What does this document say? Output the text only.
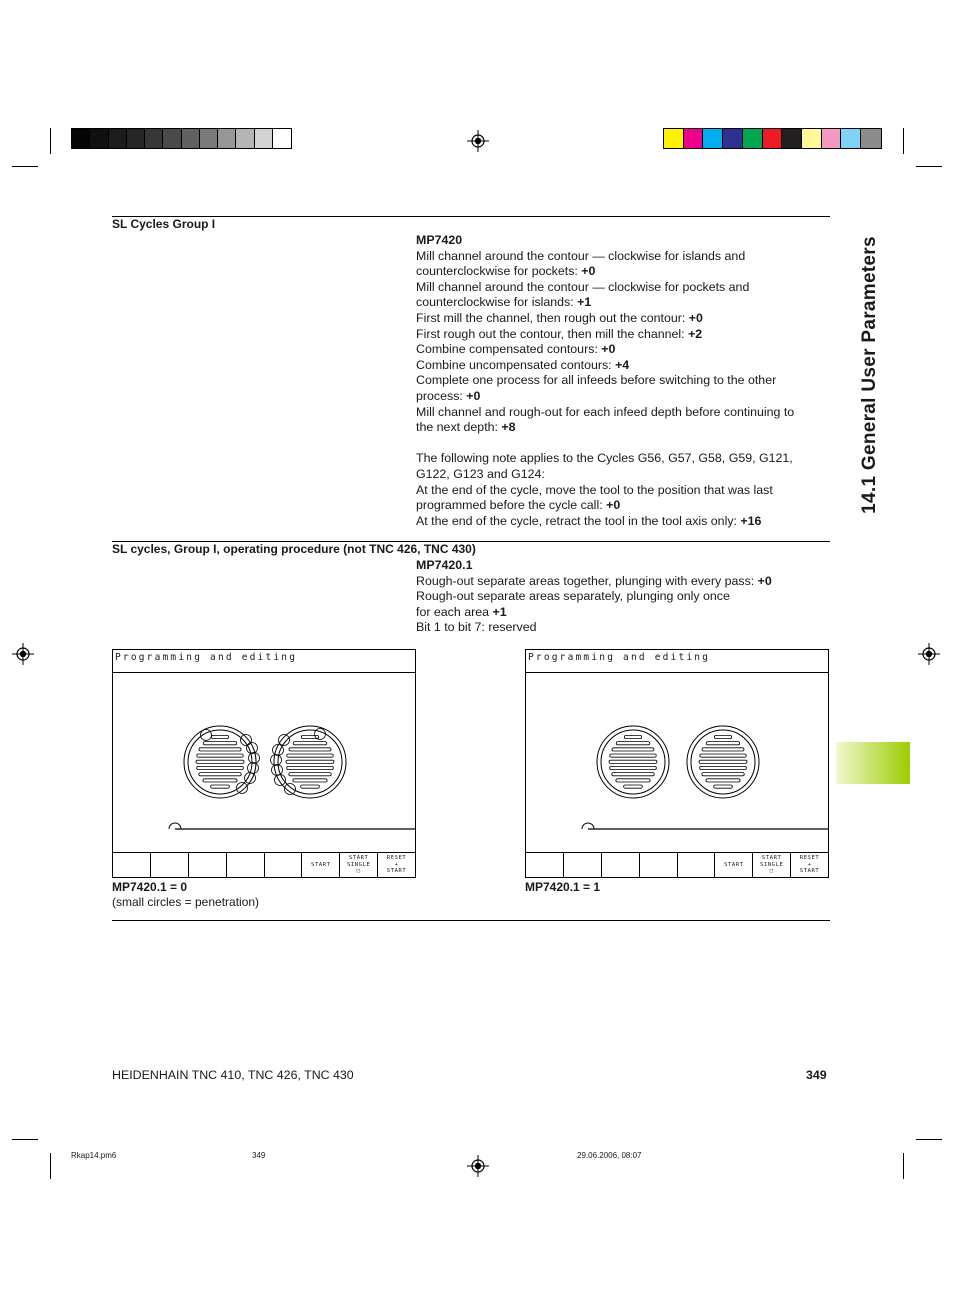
14.1 General User Parameters
SL Cycles Group I

MP7420

Mill channel around the contour — clockwise for islands and

counterclockwise for pockets: +0

Mill channel around the contour — clockwise for pockets and

counterclockwise for islands: +1

First mill the channel, then rough out the contour: +0

First rough out the contour, then mill the channel: +2

Combine compensated contours: +0

Combine uncompensated contours: +4

Complete one process for all infeeds before switching to the other

process: +0

Mill channel and rough-out for each infeed depth before continuing to

the next depth: +8

The following note applies to the Cycles G56, G57, G58, G59, G121,

G122, G123 and G124:

At the end of the cycle, move the tool to the position that was last

programmed before the cycle call: +0

At the end of the cycle, retract the tool in the tool axis only: +16

SL cycles, Group I, operating procedure (not TNC 426, TNC 430)

MP7420.1

Rough-out separate areas together, plunging with every pass: +0

Rough-out separate areas separately, plunging only once

for each area +1

Bit 1 to bit 7: reserved

Programming and editing
START
START
SINGLE
□
RESET
+
START
MP7420.1 = 0
(small circles = penetration)
Programming and editing
START
START
SINGLE
□
RESET
+
START
MP7420.1 = 1
HEIDENHAIN TNC 410, TNC 426, TNC 430	349
Rkap14.pm6	349	29.06.2006, 08:07
